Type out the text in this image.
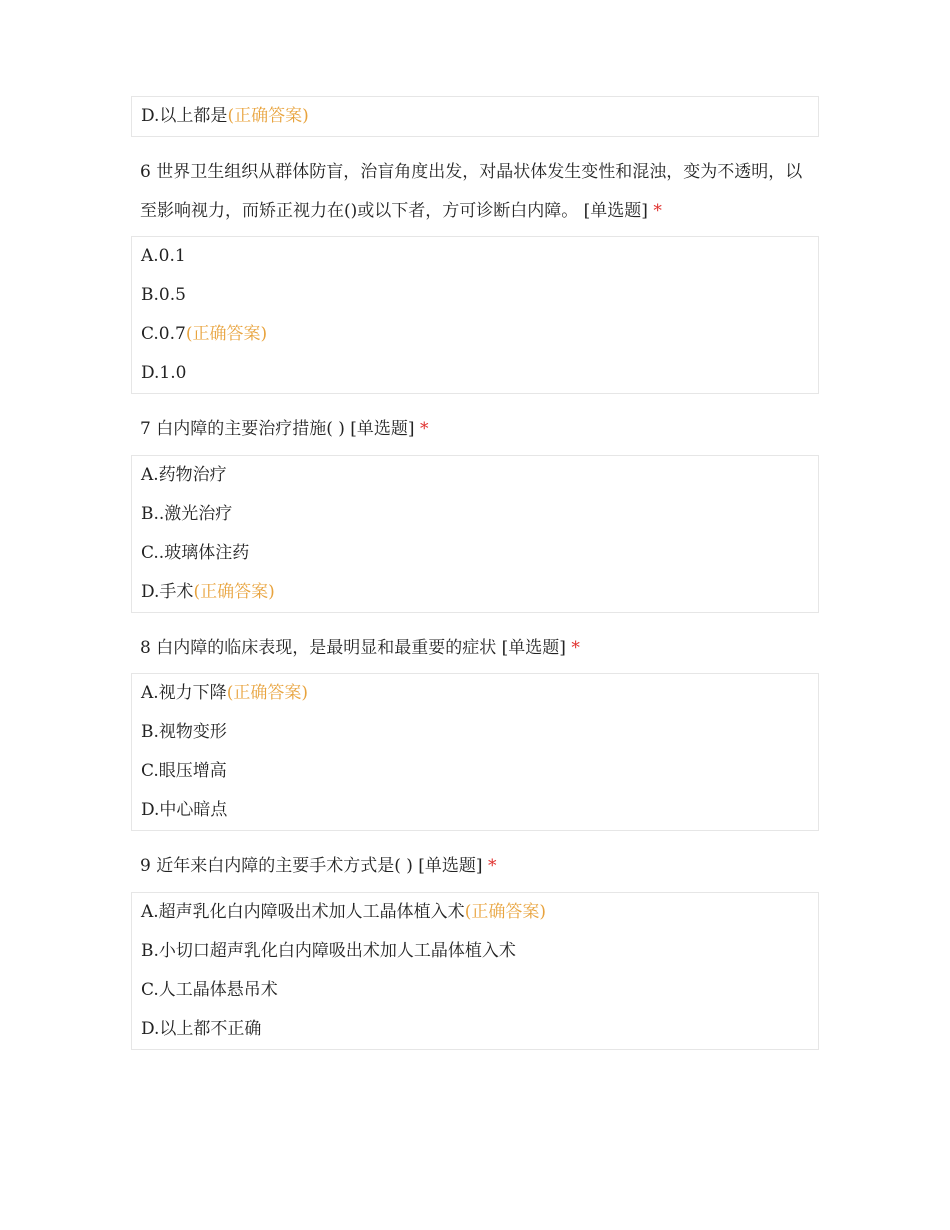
D.以上都是(正确答案)
6 世界卫生组织从群体防盲，治盲角度出发，对晶状体发生变性和混浊，变为不透明，以至影响视力，而矫正视力在()或以下者，方可诊断白内障。 [单选题] *
A.0.1
B.0.5
C.0.7(正确答案)
D.1.0
7 白内障的主要治疗措施( ) [单选题] *
A.药物治疗
B..激光治疗
C..玻璃体注药
D.手术(正确答案)
8 白内障的临床表现，是最明显和最重要的症状 [单选题] *
A.视力下降(正确答案)
B.视物变形
C.眼压增高
D.中心暗点
9 近年来白内障的主要手术方式是( ) [单选题] *
A.超声乳化白内障吸出术加人工晶体植入术(正确答案)
B.小切口超声乳化白内障吸出术加人工晶体植入术
C.人工晶体悬吊术
D.以上都不正确
